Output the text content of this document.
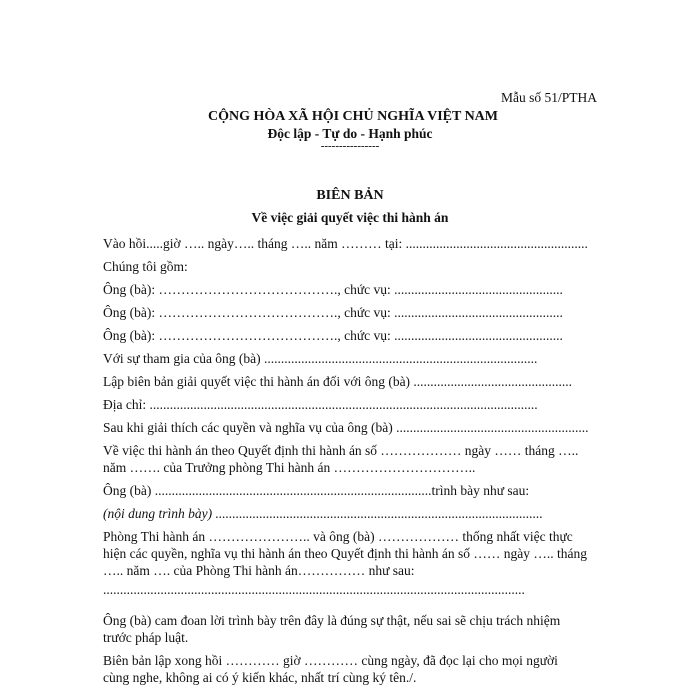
Mẫu số 51/PTHA
CỘNG HÒA XÃ HỘI CHỦ NGHĨA VIỆT NAM
Độc lập - Tự do - Hạnh phúc
----------------
BIÊN BẢN
Về việc giải quyết việc thi hành án
Vào hồi.....giờ ….. ngày….. tháng ….. năm ……… tại: ......................................................
Chúng tôi gồm:
Ông (bà): …………………………………., chức vụ: ..................................................
Ông (bà): …………………………………., chức vụ: ..................................................
Ông (bà): …………………………………., chức vụ: ..................................................
Với sự tham gia của ông (bà) .................................................................................
Lập biên bản giải quyết việc thi hành án đối với ông (bà) ...............................................
Địa chỉ: ...................................................................................................................
Sau khi giải thích các quyền và nghĩa vụ của ông (bà) .........................................................
Về việc thi hành án theo Quyết định thi hành án số ……………… ngày …… tháng …..
năm ……. của Trưởng phòng Thi hành án …………………………..
Ông (bà) ..................................................................................trình bày như sau:
(nội dung trình bày) .................................................................................................
Phòng Thi hành án ………………….. và ông (bà) ……………… thống nhất việc thực
hiện các quyền, nghĩa vụ thi hành án theo Quyết định thi hành án số …… ngày ….. tháng
….. năm …. của Phòng Thi hành án…………… như sau:
.............................................................................................................................
Ông (bà) cam đoan lời trình bày trên đây là đúng sự thật, nếu sai sẽ chịu trách nhiệm
trước pháp luật.
Biên bản lập xong hồi ………… giờ ………… cùng ngày, đã đọc lại cho mọi người
cùng nghe, không ai có ý kiến khác, nhất trí cùng ký tên./.
